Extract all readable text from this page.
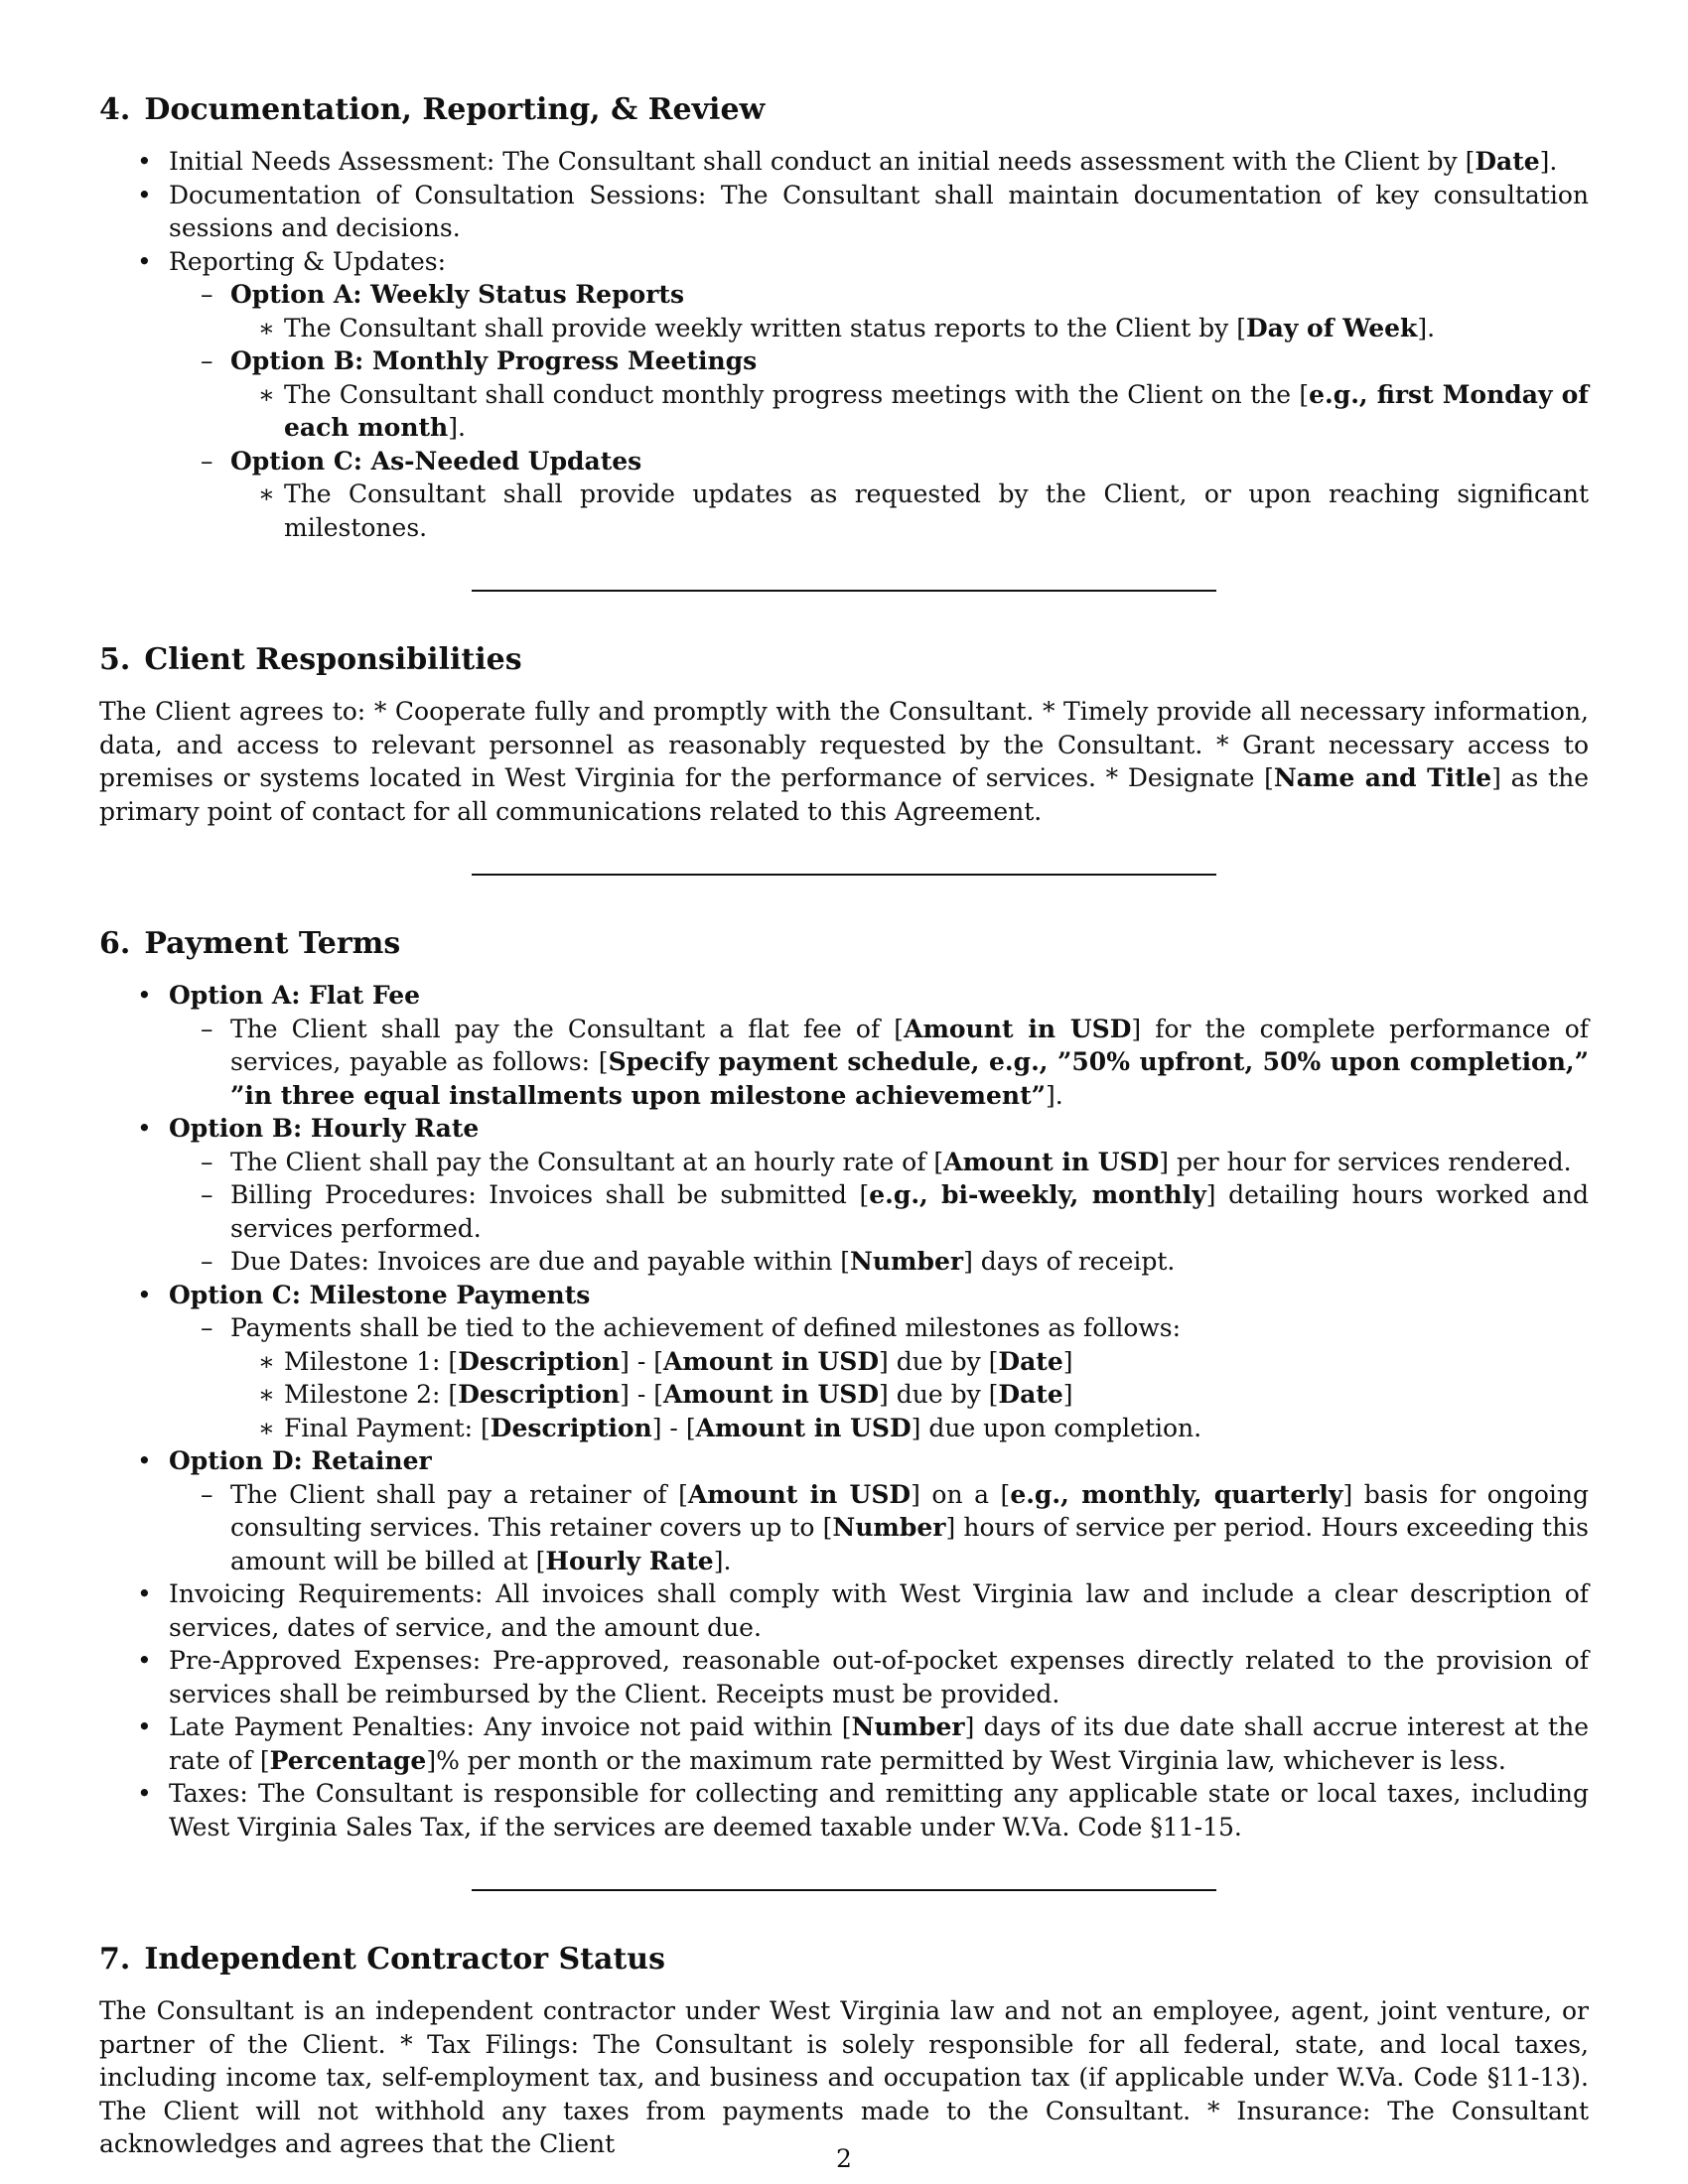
4. Documentation, Reporting, & Review
• Initial Needs Assessment: The Consultant shall conduct an initial needs assessment with the Client by [Date].
• Documentation of Consultation Sessions: The Consultant shall maintain documentation of key consultation sessions and decisions.
• Reporting & Updates:
– Option A: Weekly Status Reports
∗ The Consultant shall provide weekly written status reports to the Client by [Day of Week].
– Option B: Monthly Progress Meetings
∗ The Consultant shall conduct monthly progress meetings with the Client on the [e.g., first Monday of each month].
– Option C: As-Needed Updates
∗ The Consultant shall provide updates as requested by the Client, or upon reaching significant milestones.
5. Client Responsibilities

The Client agrees to: * Cooperate fully and promptly with the Consultant. * Timely provide all necessary information, data, and access to relevant personnel as reasonably requested by the Consultant. * Grant necessary access to premises or systems located in West Virginia for the performance of services. * Designate [Name and Title] as the primary point of contact for all communications related to this Agreement.

6. Payment Terms
• Option A: Flat Fee
– The Client shall pay the Consultant a flat fee of [Amount in USD] for the complete performance of services, payable as follows: [Specify payment schedule, e.g., ”50% upfront, 50% upon completion,” ”in three equal installments upon milestone achievement”].
• Option B: Hourly Rate
– The Client shall pay the Consultant at an hourly rate of [Amount in USD] per hour for services rendered.
– Billing Procedures: Invoices shall be submitted [e.g., bi-weekly, monthly] detailing hours worked and services performed.
– Due Dates: Invoices are due and payable within [Number] days of receipt.
• Option C: Milestone Payments
– Payments shall be tied to the achievement of defined milestones as follows:
∗ Milestone 1: [Description] - [Amount in USD] due by [Date]
∗ Milestone 2: [Description] - [Amount in USD] due by [Date]
∗ Final Payment: [Description] - [Amount in USD] due upon completion.
• Option D: Retainer
– The Client shall pay a retainer of [Amount in USD] on a [e.g., monthly, quarterly] basis for ongoing consulting services. This retainer covers up to [Number] hours of service per period. Hours exceeding this amount will be billed at [Hourly Rate].
• Invoicing Requirements: All invoices shall comply with West Virginia law and include a clear description of services, dates of service, and the amount due.
• Pre-Approved Expenses: Pre-approved, reasonable out-of-pocket expenses directly related to the provision of services shall be reimbursed by the Client. Receipts must be provided.
• Late Payment Penalties: Any invoice not paid within [Number] days of its due date shall accrue interest at the rate of [Percentage]% per month or the maximum rate permitted by West Virginia law, whichever is less.
• Taxes: The Consultant is responsible for collecting and remitting any applicable state or local taxes, including West Virginia Sales Tax, if the services are deemed taxable under W.Va. Code §11-15.
7. Independent Contractor Status

The Consultant is an independent contractor under West Virginia law and not an employee, agent, joint venture, or partner of the Client. * Tax Filings: The Consultant is solely responsible for all federal, state, and local taxes, including income tax, self-employment tax, and business and occupation tax (if applicable under W.Va. Code §11-13). The Client will not withhold any taxes from payments made to the Consultant. * Insurance: The Consultant acknowledges and agrees that the Client

2
